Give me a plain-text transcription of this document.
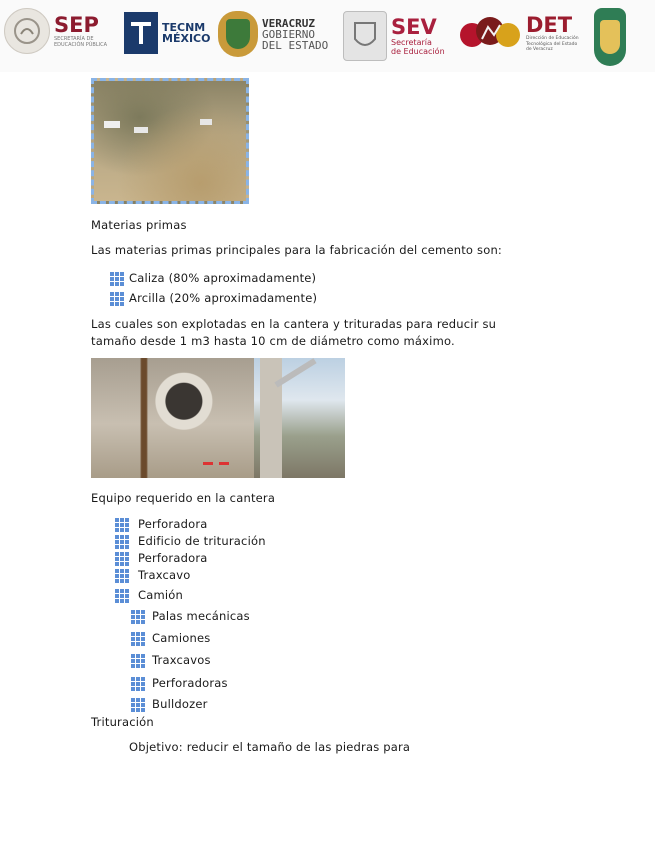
SEP
SECRETARÍA DE EDUCACIÓN PÚBLICA
TECNM
MÉXICO
VERACRUZ
GOBIERNO
DEL ESTADO
SEV
Secretaría
de Educación
DET
Dirección de Educación Tecnológica del Estado de Veracruz
Materias primas
Las materias primas principales para la fabricación del cemento son:
Caliza (80% aproximadamente)
Arcilla (20% aproximadamente)
Las cuales son explotadas en la cantera y trituradas para reducir su
tamaño desde 1 m3 hasta 10 cm de diámetro como máximo.
Equipo requerido en la cantera
Perforadora
Edificio de trituración
Perforadora
Traxcavo
Camión
Palas mecánicas
Camiones
Traxcavos
Perforadoras
Bulldozer
Trituración
Objetivo: reducir el tamaño de las piedras para
